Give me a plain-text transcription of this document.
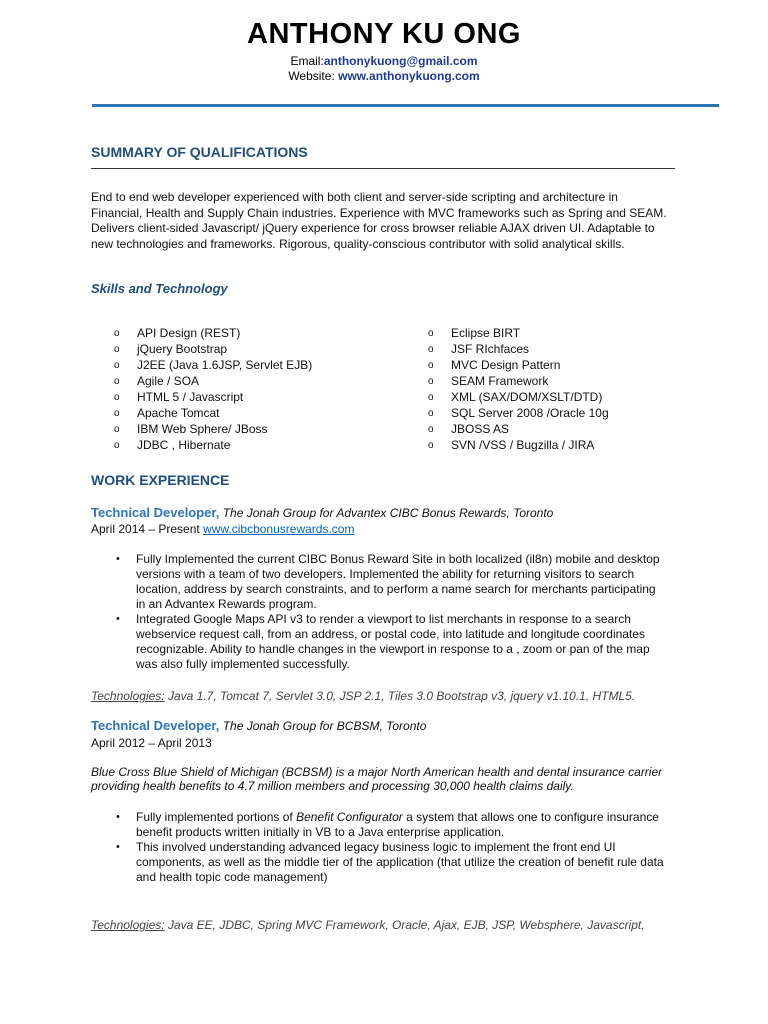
ANTHONY KU ONG
Email:anthonykuong@gmail.com
Website: www.anthonykuong.com
SUMMARY OF QUALIFICATIONS
End to end web developer experienced with both client and server-side scripting and architecture in Financial, Health and Supply Chain industries. Experience with MVC frameworks such as Spring and SEAM. Delivers client-sided Javascript/ jQuery experience for cross browser reliable AJAX driven UI. Adaptable to new technologies and frameworks. Rigorous, quality-conscious contributor with solid analytical skills.
Skills and Technology
o API Design (REST)
o jQuery Bootstrap
o J2EE (Java 1.6JSP, Servlet EJB)
o Agile / SOA
o HTML 5 / Javascript
o Apache Tomcat
o IBM Web Sphere/ JBoss
o JDBC , Hibernate
o Eclipse BIRT
o JSF RIchfaces
o MVC Design Pattern
o SEAM Framework
o XML (SAX/DOM/XSLT/DTD)
o SQL Server 2008 /Oracle 10g
o JBOSS AS
o SVN /VSS / Bugzilla / JIRA
WORK EXPERIENCE
Technical Developer, The Jonah Group for Advantex CIBC Bonus Rewards, Toronto
April 2014 – Present www.cibcbonusrewards.com
• Fully Implemented the current CIBC Bonus Reward Site in both localized (il8n) mobile and desktop versions with a team of two developers. Implemented the ability for returning visitors to search location, address by search constraints, and to perform a name search for merchants participating in an Advantex Rewards program.
• Integrated Google Maps API v3 to render a viewport to list merchants in response to a search webservice request call, from an address, or postal code, into latitude and longitude coordinates recognizable. Ability to handle changes in the viewport in response to a , zoom or pan of the map was also fully implemented successfully.
Technologies: Java 1.7, Tomcat 7, Servlet 3.0, JSP 2.1, Tiles 3.0 Bootstrap v3, jquery v1.10.1, HTML5.
Technical Developer, The Jonah Group for BCBSM, Toronto
April 2012 – April 2013
Blue Cross Blue Shield of Michigan (BCBSM) is a major North American health and dental insurance carrier providing health benefits to 4.7 million members and processing 30,000 health claims daily.
• Fully implemented portions of Benefit Configurator a system that allows one to configure insurance benefit products written initially in VB to a Java enterprise application.
• This involved understanding advanced legacy business logic to implement the front end UI components, as well as the middle tier of the application (that utilize the creation of benefit rule data and health topic code management)
Technologies: Java EE, JDBC, Spring MVC Framework, Oracle, Ajax, EJB, JSP, Websphere, Javascript,
